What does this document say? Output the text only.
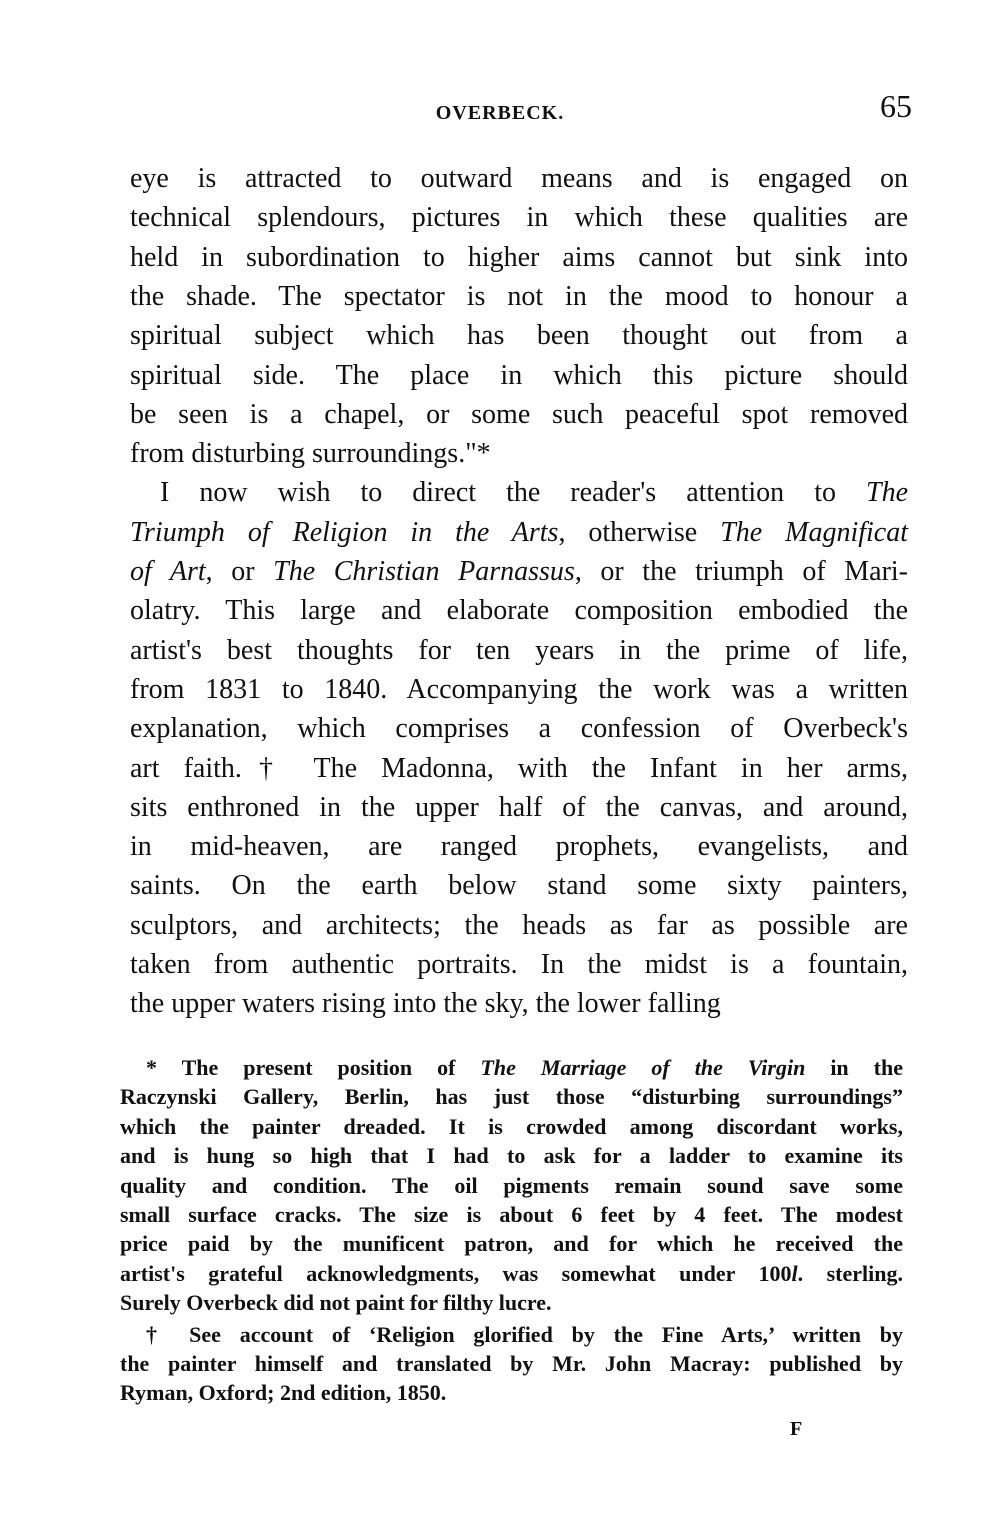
OVERBECK.	65
eye is attracted to outward means and is engaged on
technical splendours, pictures in which these qualities are
held in subordination to higher aims cannot but sink into
the shade. The spectator is not in the mood to honour a
spiritual subject which has been thought out from a
spiritual side. The place in which this picture should
be seen is a chapel, or some such peaceful spot removed
from disturbing surroundings."*
I now wish to direct the reader's attention to The
Triumph of Religion in the Arts, otherwise The Magnificat
of Art, or The Christian Parnassus, or the triumph of Mari-
olatry. This large and elaborate composition embodied the
artist's best thoughts for ten years in the prime of life,
from 1831 to 1840. Accompanying the work was a written
explanation, which comprises a confession of Overbeck's
art faith.† The Madonna, with the Infant in her arms,
sits enthroned in the upper half of the canvas, and around,
in mid-heaven, are ranged prophets, evangelists, and
saints. On the earth below stand some sixty painters,
sculptors, and architects; the heads as far as possible are
taken from authentic portraits. In the midst is a fountain,
the upper waters rising into the sky, the lower falling
* The present position of The Marriage of the Virgin in the
Raczynski Gallery, Berlin, has just those “disturbing surroundings”
which the painter dreaded. It is crowded among discordant works,
and is hung so high that I had to ask for a ladder to examine its
quality and condition. The oil pigments remain sound save some
small surface cracks. The size is about 6 feet by 4 feet. The modest
price paid by the munificent patron, and for which he received the
artist's grateful acknowledgments, was somewhat under 100l. sterling.
Surely Overbeck did not paint for filthy lucre.
† See account of ‘Religion glorified by the Fine Arts,’ written by
the painter himself and translated by Mr. John Macray: published by
Ryman, Oxford; 2nd edition, 1850.
F
